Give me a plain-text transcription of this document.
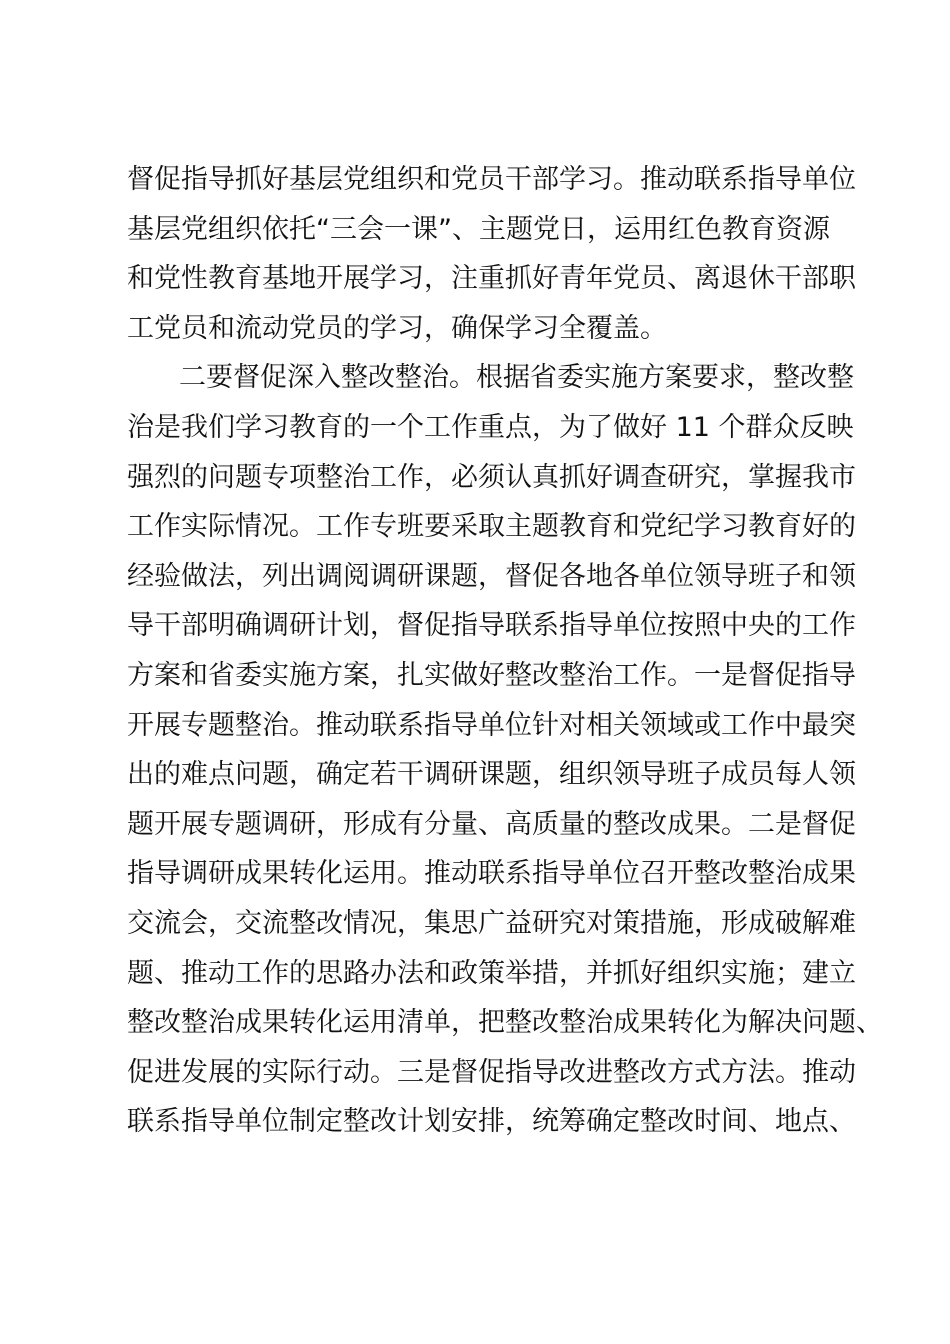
督促指导抓好基层党组织和党员干部学习。推动联系指导单位
基层党组织依托“三会一课”、主题党日，运用红色教育资源
和党性教育基地开展学习，注重抓好青年党员、离退休干部职
工党员和流动党员的学习，确保学习全覆盖。
二要督促深入整改整治。根据省委实施方案要求，整改整
治是我们学习教育的一个工作重点，为了做好 11 个群众反映
强烈的问题专项整治工作，必须认真抓好调查研究，掌握我市
工作实际情况。工作专班要采取主题教育和党纪学习教育好的
经验做法，列出调阅调研课题，督促各地各单位领导班子和领
导干部明确调研计划，督促指导联系指导单位按照中央的工作
方案和省委实施方案，扎实做好整改整治工作。一是督促指导
开展专题整治。推动联系指导单位针对相关领域或工作中最突
出的难点问题，确定若干调研课题，组织领导班子成员每人领
题开展专题调研，形成有分量、高质量的整改成果。二是督促
指导调研成果转化运用。推动联系指导单位召开整改整治成果
交流会，交流整改情况，集思广益研究对策措施，形成破解难
题、推动工作的思路办法和政策举措，并抓好组织实施；建立
整改整治成果转化运用清单，把整改整治成果转化为解决问题、
促进发展的实际行动。三是督促指导改进整改方式方法。推动
联系指导单位制定整改计划安排，统筹确定整改时间、地点、
